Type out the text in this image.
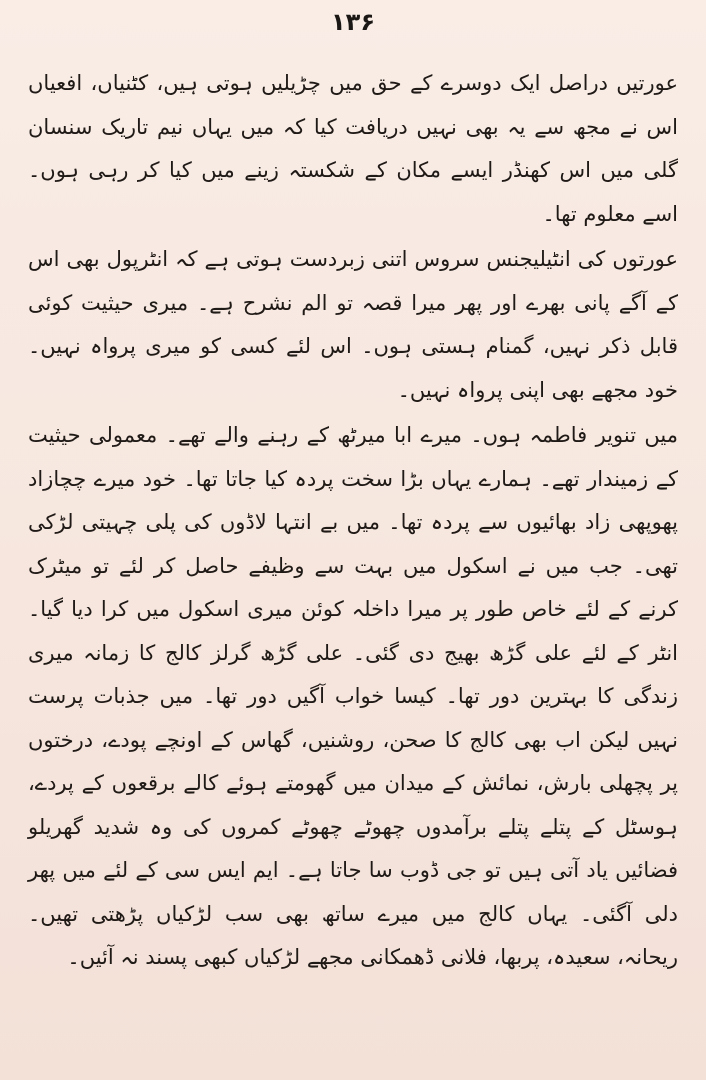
۱۳۶

عورتیں دراصل ایک دوسرے کے حق میں چڑیلیں ہوتی ہیں، کٹنیاں، افعیاں اس نے مجھ سے یہ بھی نہیں دریافت کیا کہ میں یہاں نیم تاریک سنسان گلی میں اس کھنڈر ایسے مکان کے شکستہ زینے میں کیا کر رہی ہوں۔ اسے معلوم تھا۔

عورتوں کی انٹیلیجنس سروس اتنی زبردست ہوتی ہے کہ انٹرپول بھی اس کے آگے پانی بھرے اور پھر میرا قصہ تو الم نشرح ہے۔ میری حیثیت کوئی قابل ذکر نہیں، گمنام ہستی ہوں۔ اس لئے کسی کو میری پرواہ نہیں۔ خود مجھے بھی اپنی پرواہ نہیں۔

میں تنویر فاطمہ ہوں۔ میرے ابا میرٹھ کے رہنے والے تھے۔ معمولی حیثیت کے زمیندار تھے۔ ہمارے یہاں بڑا سخت پردہ کیا جاتا تھا۔ خود میرے چچازاد پھوپھی زاد بھائیوں سے پردہ تھا۔ میں بے انتہا لاڈوں کی پلی چہیتی لڑکی تھی۔ جب میں نے اسکول میں بہت سے وظیفے حاصل کر لئے تو میٹرک کرنے کے لئے خاص طور پر میرا داخلہ کوئن میری اسکول میں کرا دیا گیا۔ انٹر کے لئے علی گڑھ بھیج دی گئی۔ علی گڑھ گرلز کالج کا زمانہ میری زندگی کا بہترین دور تھا۔ کیسا خواب آگیں دور تھا۔ میں جذبات پرست نہیں لیکن اب بھی کالج کا صحن، روشنیں، گھاس کے اونچے پودے، درختوں پر پچھلی بارش، نمائش کے میدان میں گھومتے ہوئے کالے برقعوں کے پردے، ہوسٹل کے پتلے پتلے برآمدوں چھوٹے چھوٹے کمروں کی وہ شدید گھریلو فضائیں یاد آتی ہیں تو جی ڈوب سا جاتا ہے۔ ایم ایس سی کے لئے میں پھر دلی آگئی۔ یہاں کالج میں میرے ساتھ بھی سب لڑکیاں پڑھتی تھیں۔ ریحانہ، سعیدہ، پربھا، فلانی ڈھمکانی مجھے لڑکیاں کبھی پسند نہ آئیں۔
